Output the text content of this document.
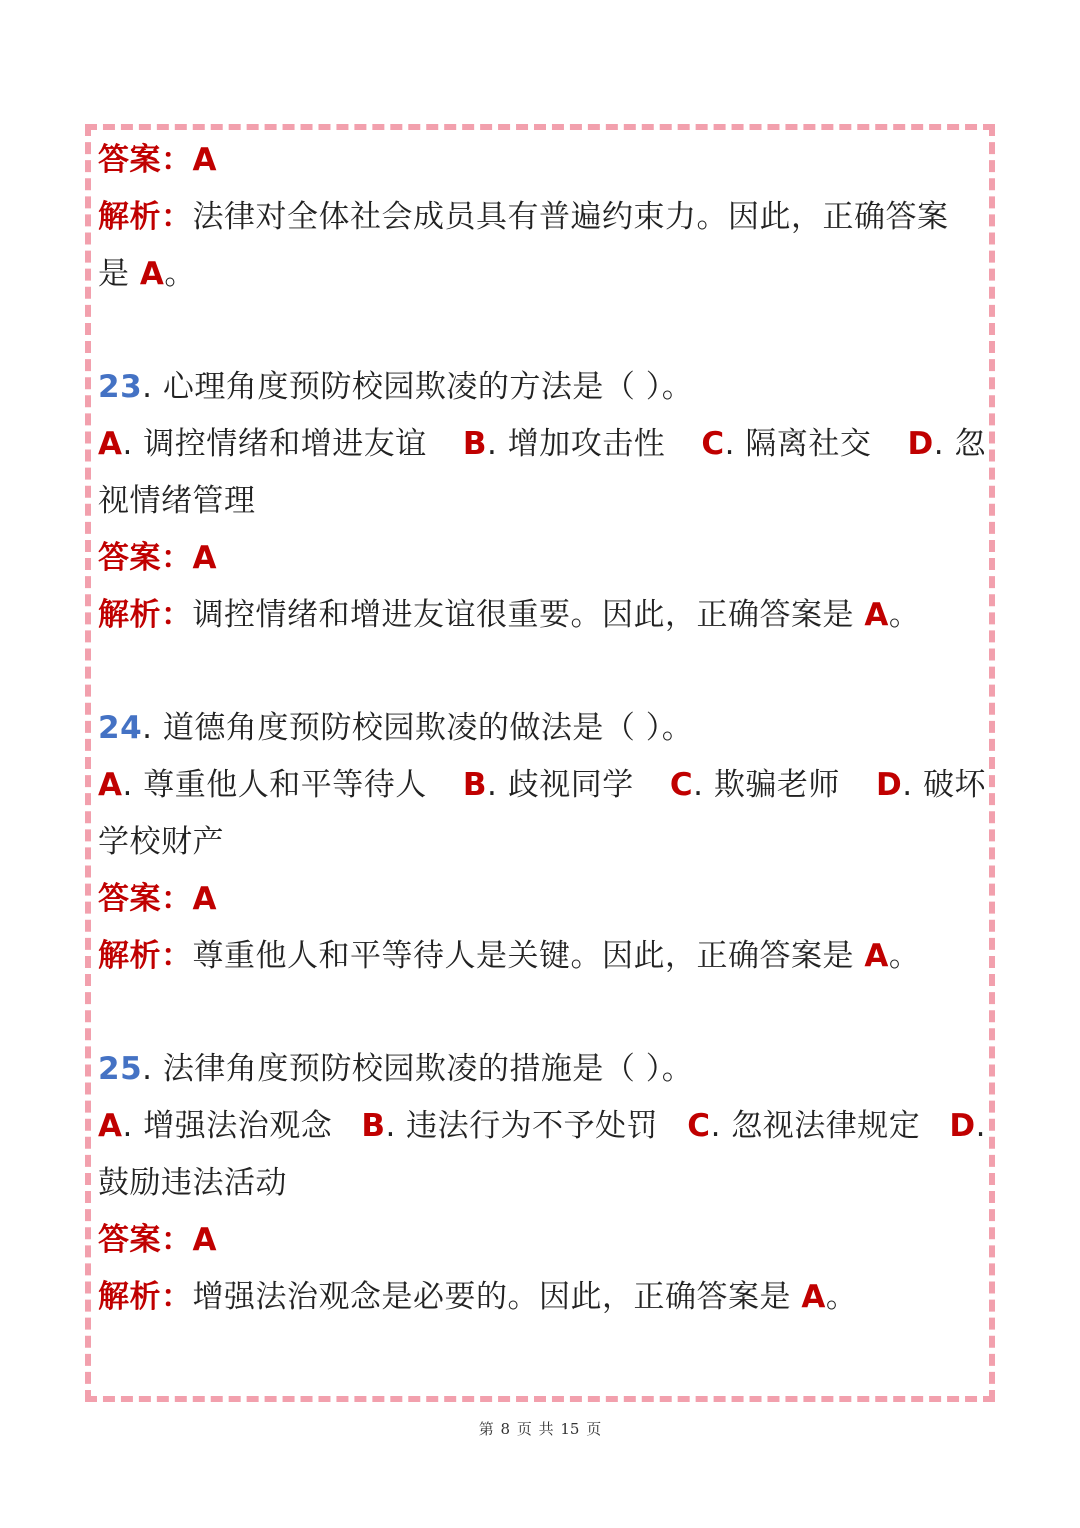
答案：A
解析：法律对全体社会成员具有普遍约束力。因此，正确答案
是 A。
23. 心理角度预防校园欺凌的方法是（ ）。
A. 调控情绪和增进友谊 B. 增加攻击性 C. 隔离社交 D. 忽
视情绪管理
答案：A
解析：调控情绪和增进友谊很重要。因此，正确答案是 A。
24. 道德角度预防校园欺凌的做法是（ ）。
A. 尊重他人和平等待人 B. 歧视同学 C. 欺骗老师 D. 破坏
学校财产
答案：A
解析：尊重他人和平等待人是关键。因此，正确答案是 A。
25. 法律角度预防校园欺凌的措施是（ ）。
A. 增强法治观念 B. 违法行为不予处罚 C. 忽视法律规定 D.
鼓励违法活动
答案：A
解析：增强法治观念是必要的。因此，正确答案是 A。
第 8 页 共 15 页
